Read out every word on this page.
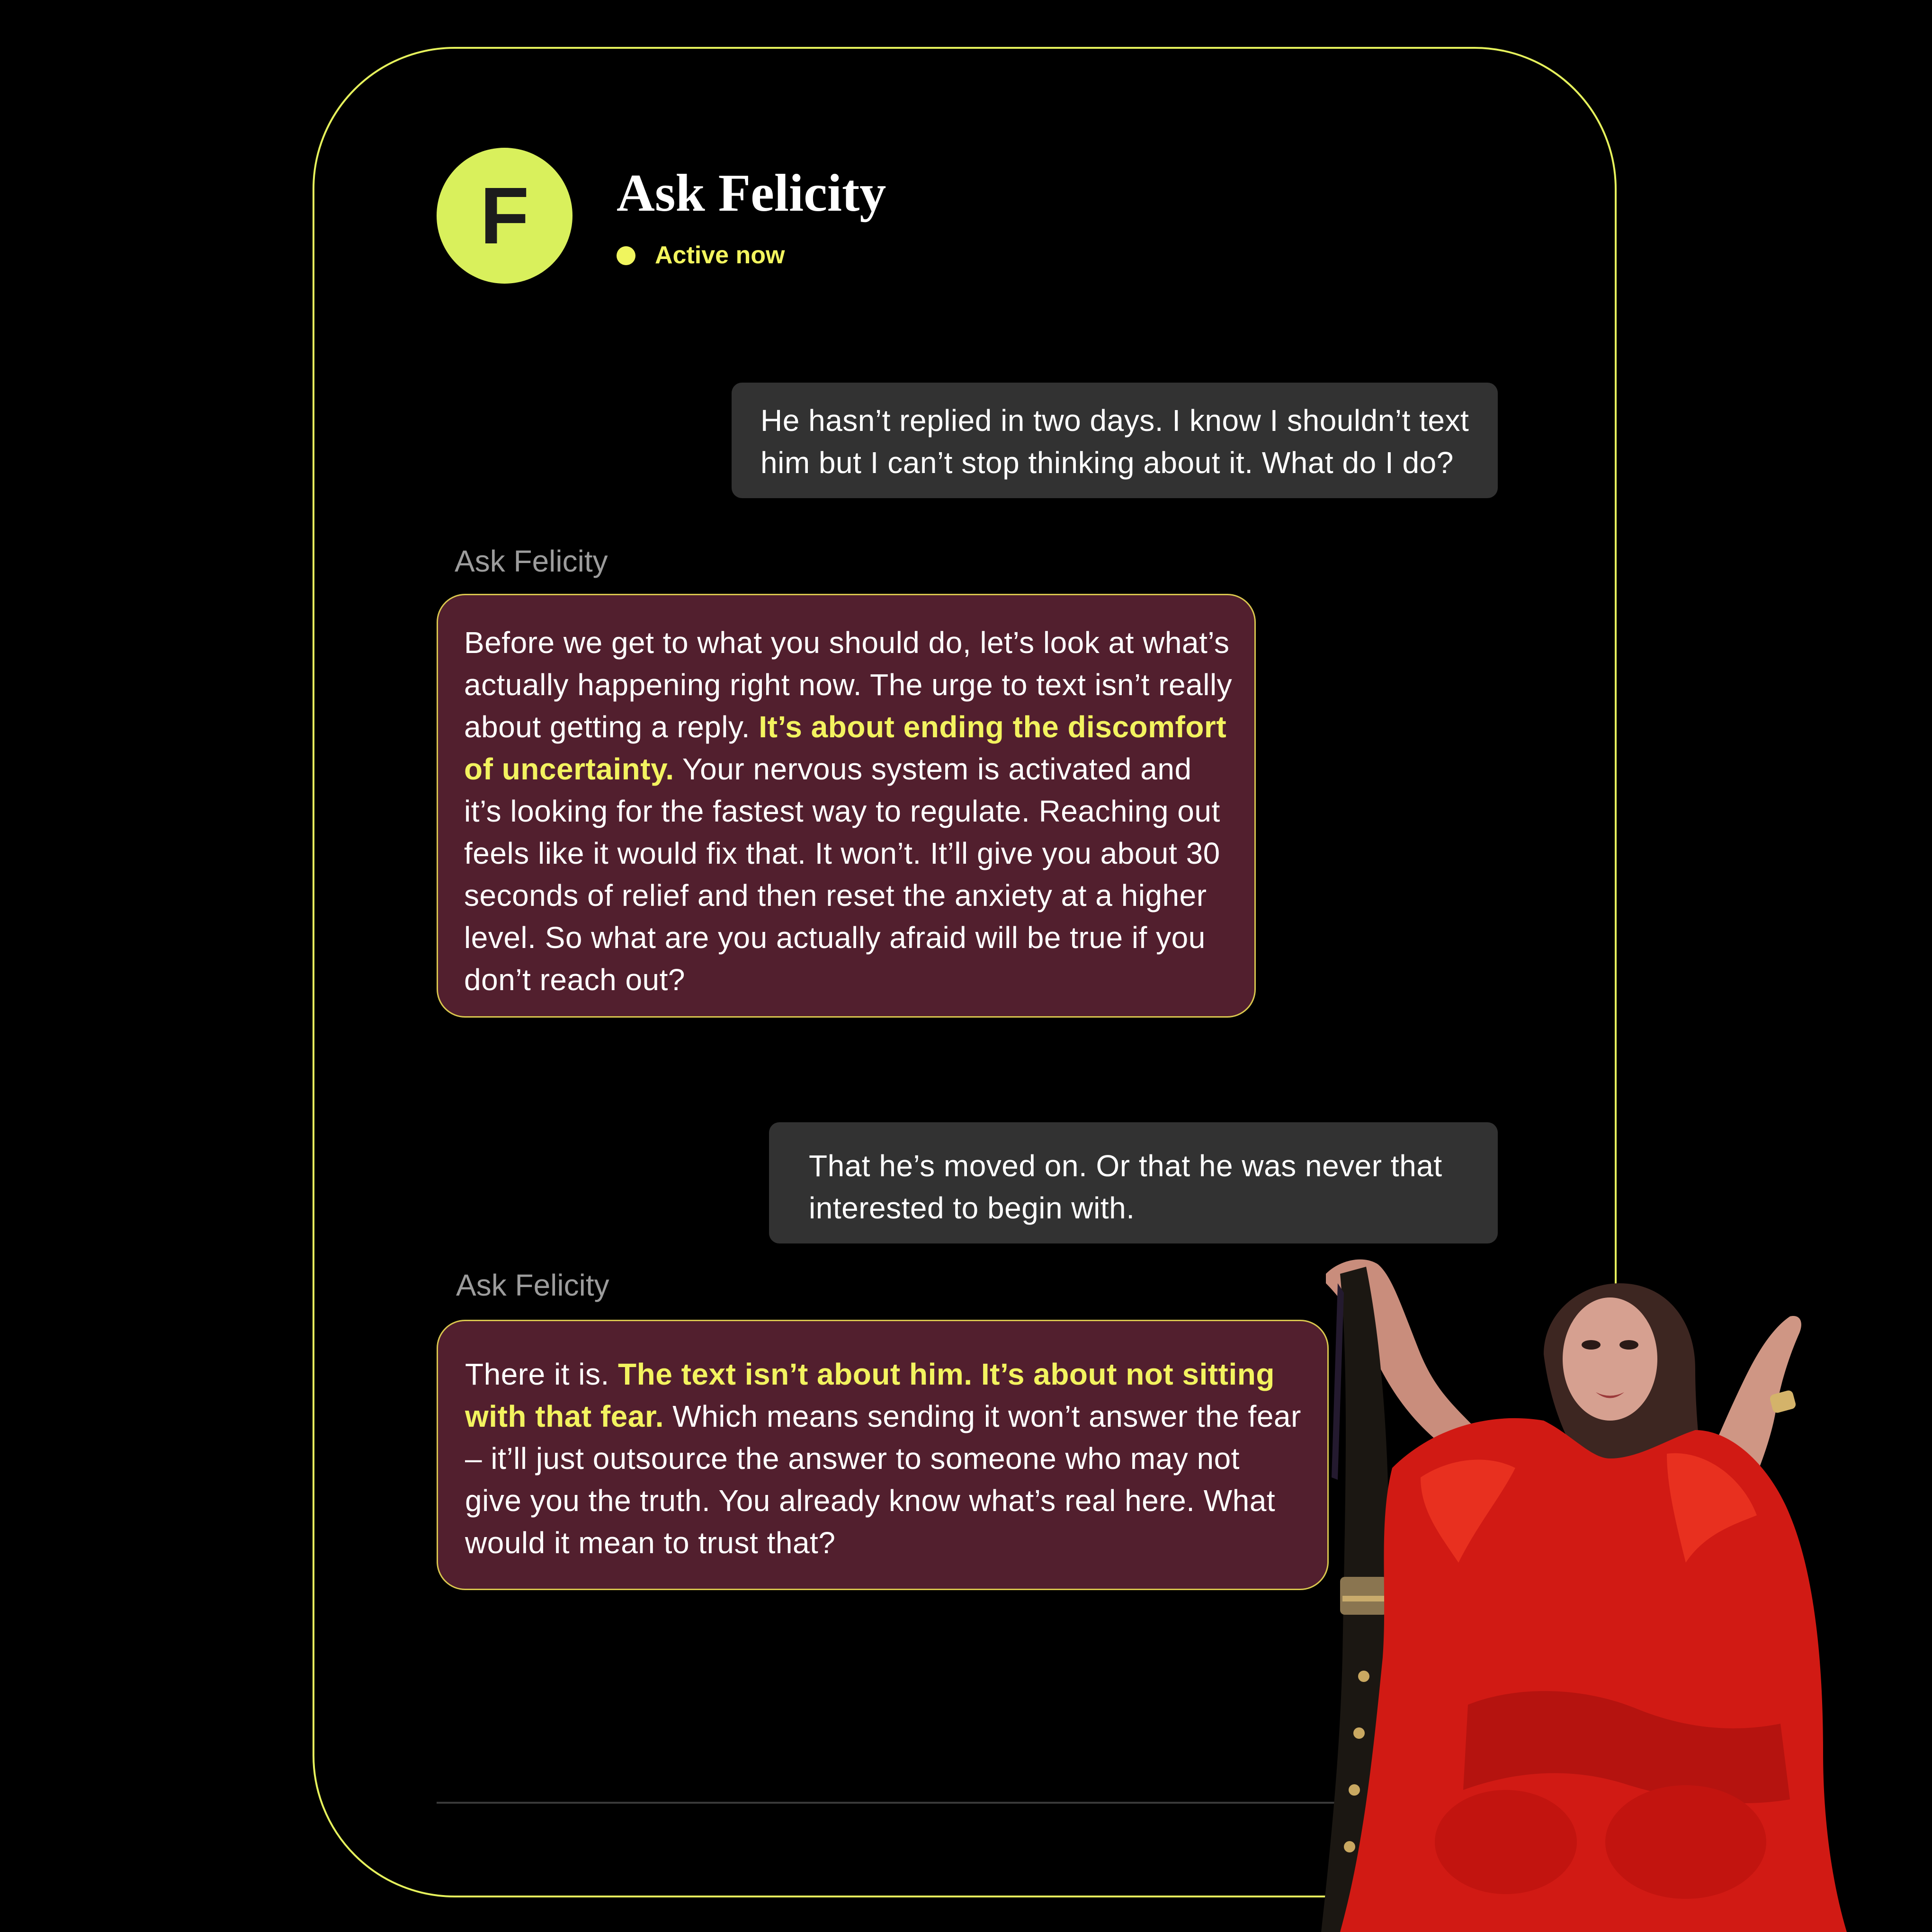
F Ask Felicity
Active now
He hasn’t replied in two days. I know I shouldn’t text him but I can’t stop thinking about it. What do I do?
Ask Felicity
Before we get to what you should do, let’s look at what’s actually happening right now. The urge to text isn’t really about getting a reply. It’s about ending the discomfort of uncertainty. Your nervous system is activated and it’s looking for the fastest way to regulate. Reaching out feels like it would fix that. It won’t. It’ll give you about 30 seconds of relief and then reset the anxiety at a higher level. So what are you actually afraid will be true if you don’t reach out?
That he’s moved on. Or that he was never that interested to begin with.
Ask Felicity
There it is. The text isn’t about him. It’s about not sitting with that fear. Which means sending it won’t answer the fear – it’ll just outsource the answer to someone who may not give you the truth. You already know what’s real here. What would it mean to trust that?
